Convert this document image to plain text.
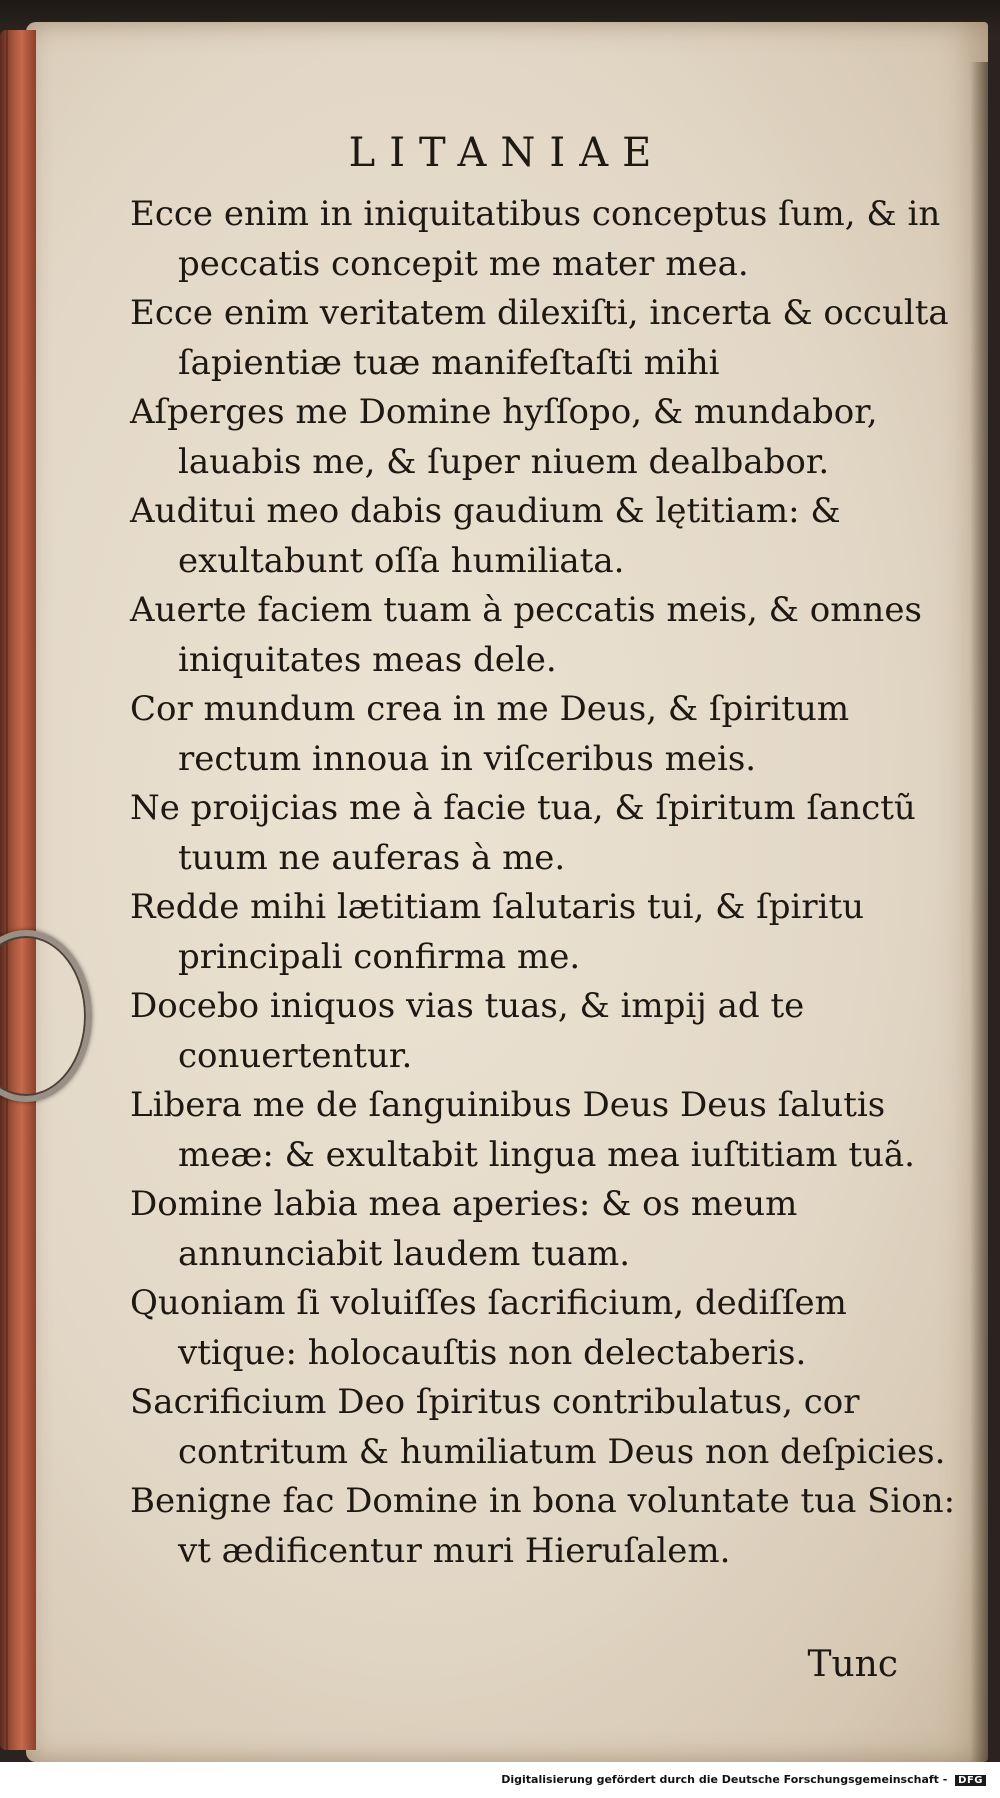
LITANIAE

Ecce enim in iniquitatibus conceptus ſum, & in peccatis concepit me mater mea.

Ecce enim veritatem dilexiſti, incerta & occulta ſapientiæ tuæ manifeſtaſti mihi

Aſperges me Domine hyſſopo, & mundabor, lauabis me, & ſuper niuem dealbabor.

Auditui meo dabis gaudium & lętitiam: & exultabunt oſſa humiliata.

Auerte faciem tuam à peccatis meis, & omnes iniquitates meas dele.

Cor mundum crea in me Deus, & ſpiritum rectum innoua in viſceribus meis.

Ne proijcias me à facie tua, & ſpiritum ſanctũ tuum ne auferas à me.

Redde mihi lætitiam ſalutaris tui, & ſpiritu principali confirma me.

Docebo iniquos vias tuas, & impij ad te conuertentur.

Libera me de ſanguinibus Deus Deus ſalutis meæ: & exultabit lingua mea iuſtitiam tuã.

Domine labia mea aperies: & os meum annunciabit laudem tuam.

Quoniam ſi voluiſſes ſacrificium, dediſſem vtique: holocauſtis non delectaberis.

Sacrificium Deo ſpiritus contribulatus, cor contritum & humiliatum Deus non deſpicies.

Benigne fac Domine in bona voluntate tua Sion: vt ædificentur muri Hieruſalem.

Tunc
Digitalisierung gefördert durch die Deutsche Forschungsgemeinschaft - DFG
